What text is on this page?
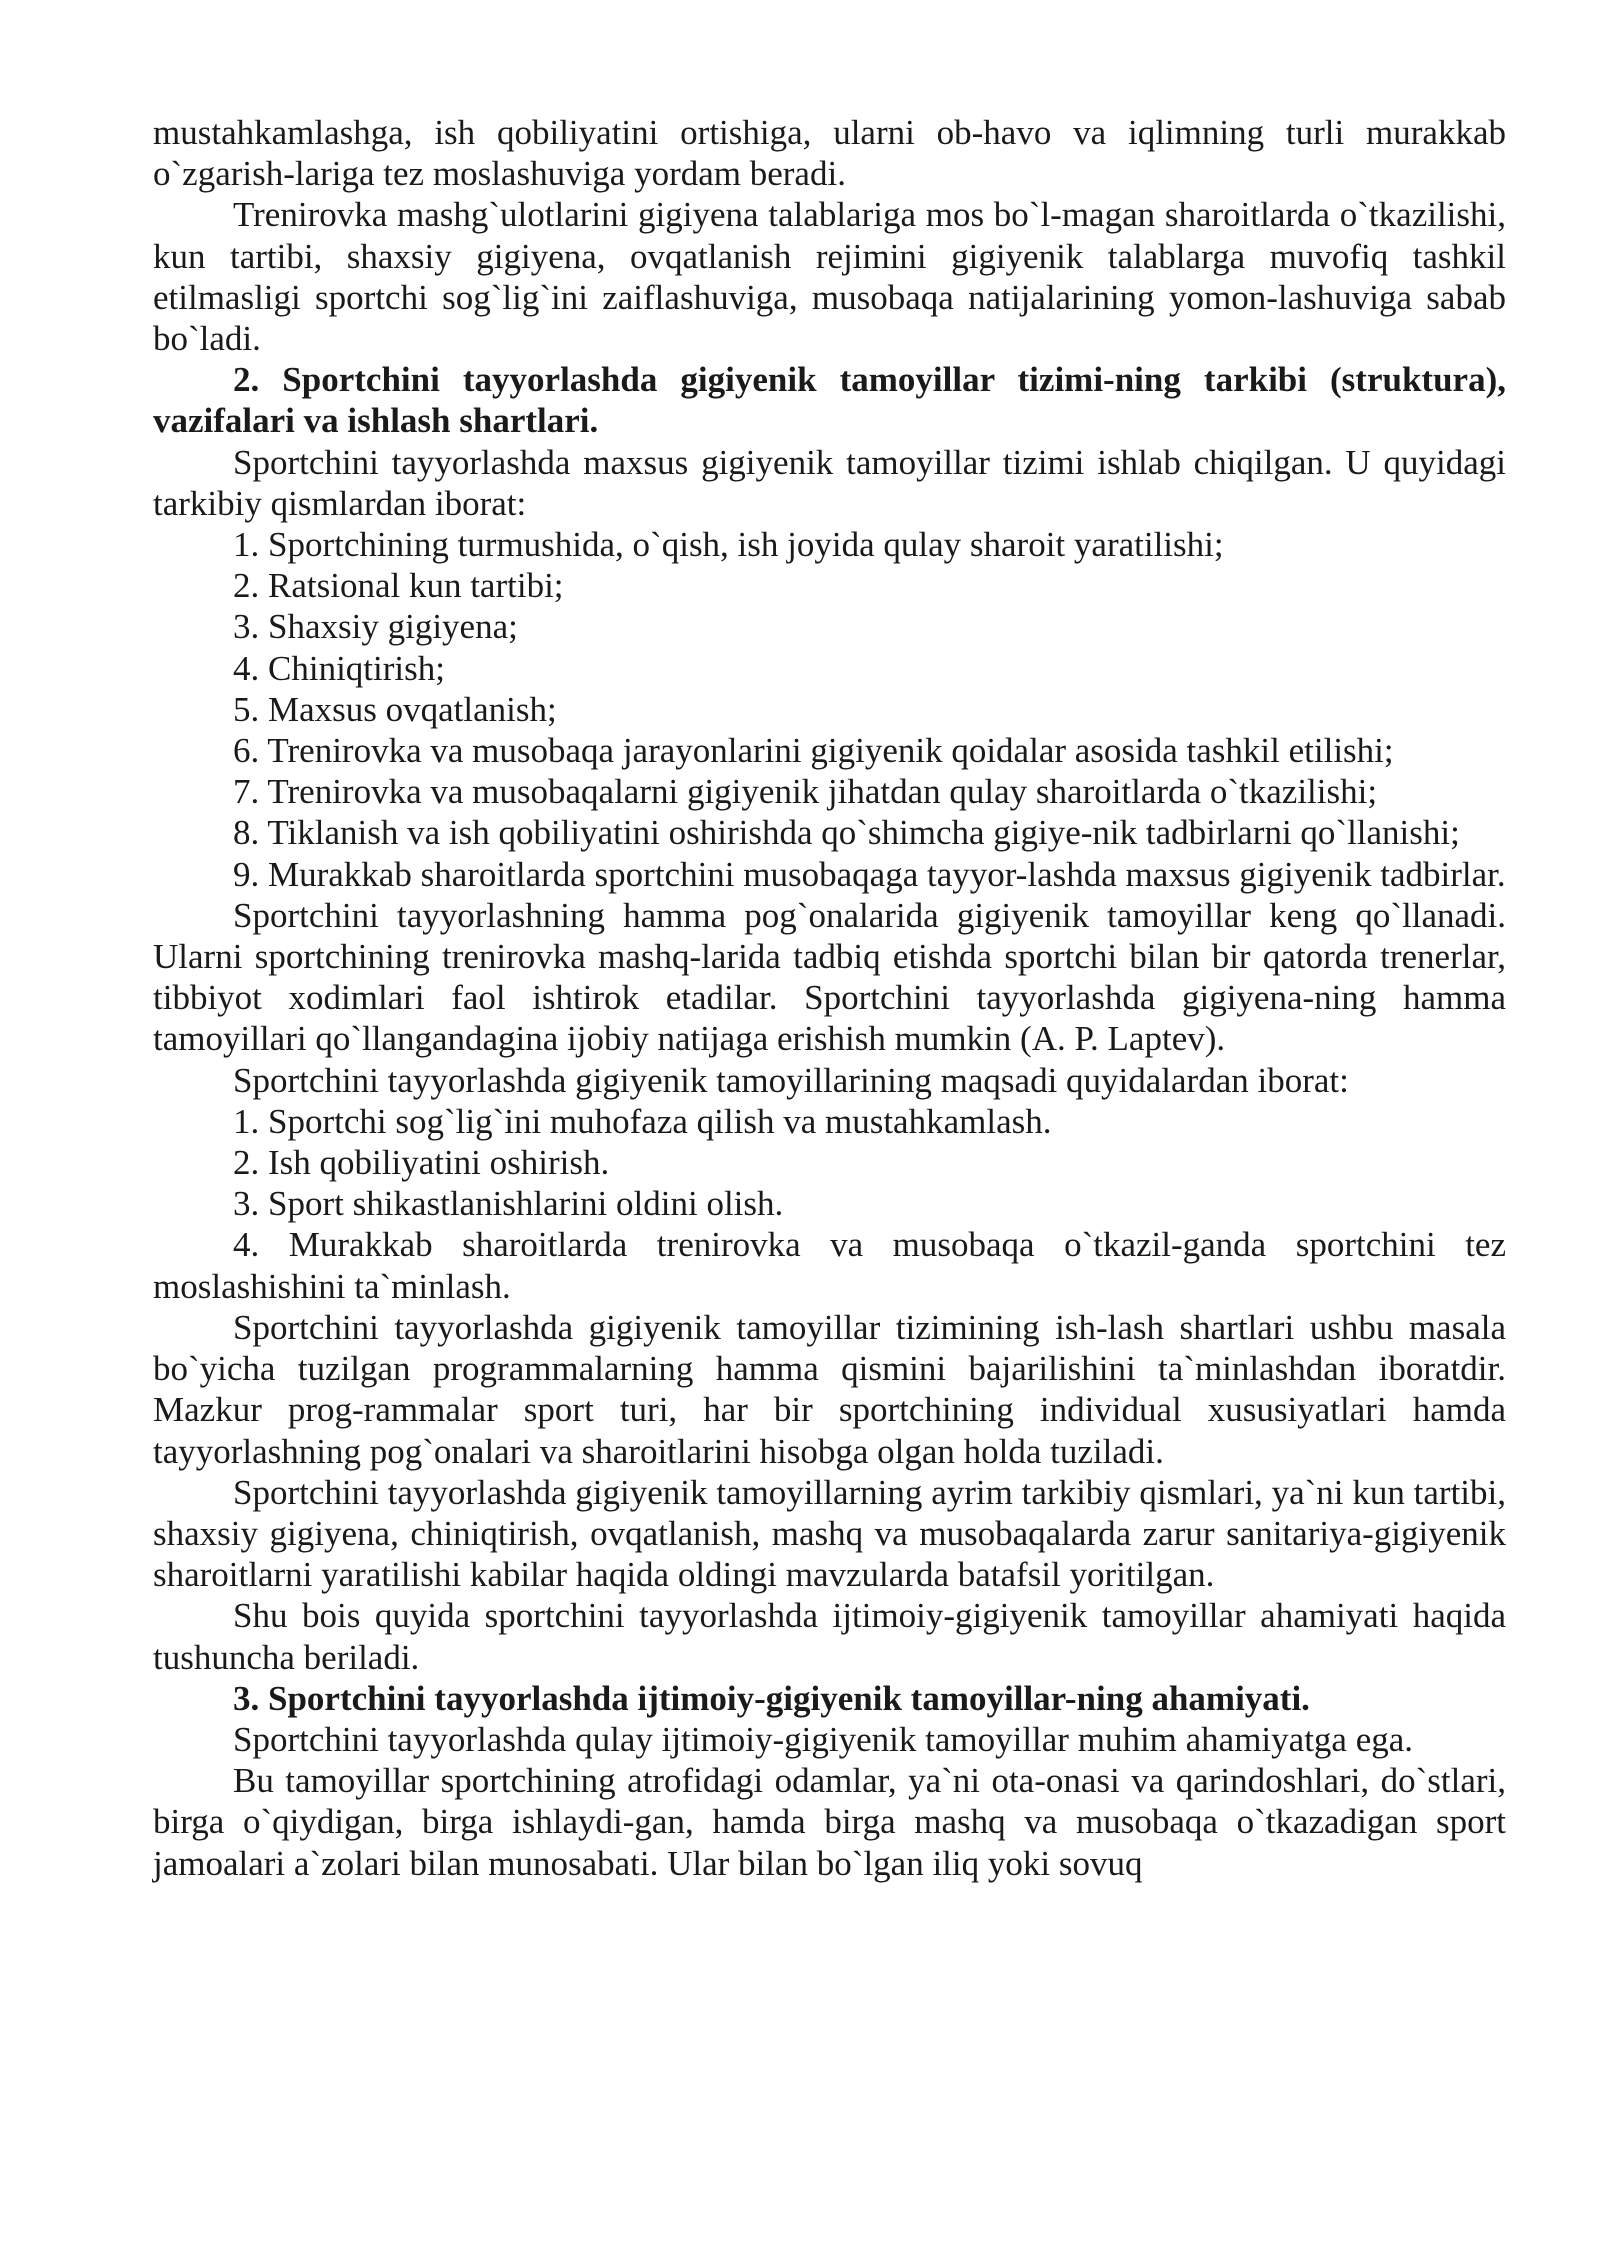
mustahkamlashga, ish qobiliyatini ortishiga, ularni ob-havo va iqlimning turli murakkab o`zgarish-lariga tez moslashuviga yordam beradi.

Trenirovka mashg`ulotlarini gigiyena talablariga mos bo`l-magan sharoitlarda o`tkazilishi, kun tartibi, shaxsiy gigiyena, ovqatlanish rejimini gigiyenik talablarga muvofiq tashkil etilmasligi sportchi sog`lig`ini zaiflashuviga, musobaqa natijalarining yomon-lashuviga sabab bo`ladi.

2. Sportchini tayyorlashda gigiyenik tamoyillar tizimi-ning tarkibi (struktura), vazifalari va ishlash shartlari.

Sportchini tayyorlashda maxsus gigiyenik tamoyillar tizimi ishlab chiqilgan. U quyidagi tarkibiy qismlardan iborat:

1. Sportchining turmushida, o`qish, ish joyida qulay sharoit yaratilishi;

2. Ratsional kun tartibi;

3. Shaxsiy gigiyena;

4. Chiniqtirish;

5. Maxsus ovqatlanish;

6. Trenirovka va musobaqa jarayonlarini gigiyenik qoidalar asosida tashkil etilishi;

7. Trenirovka va musobaqalarni gigiyenik jihatdan qulay sharoitlarda o`tkazilishi;

8. Tiklanish va ish qobiliyatini oshirishda qo`shimcha gigiye-nik tadbirlarni qo`llanishi;

9. Murakkab sharoitlarda sportchini musobaqaga tayyor-lashda maxsus gigiyenik tadbirlar.

Sportchini tayyorlashning hamma pog`onalarida gigiyenik tamoyillar keng qo`llanadi. Ularni sportchining trenirovka mashq-larida tadbiq etishda sportchi bilan bir qatorda trenerlar, tibbiyot xodimlari faol ishtirok etadilar. Sportchini tayyorlashda gigiyena-ning hamma tamoyillari qo`llangandagina ijobiy natijaga erishish mumkin (A. P. Laptev).

Sportchini tayyorlashda gigiyenik tamoyillarining maqsadi quyidalardan iborat:

1. Sportchi sog`lig`ini muhofaza qilish va mustahkamlash.

2. Ish qobiliyatini oshirish.

3. Sport shikastlanishlarini oldini olish.

4. Murakkab sharoitlarda trenirovka va musobaqa o`tkazil-ganda sportchini tez moslashishini ta`minlash.

Sportchini tayyorlashda gigiyenik tamoyillar tizimining ish-lash shartlari ushbu masala bo`yicha tuzilgan programmalarning hamma qismini bajarilishini ta`minlashdan iboratdir. Mazkur prog-rammalar sport turi, har bir sportchining individual xususiyatlari hamda tayyorlashning pog`onalari va sharoitlarini hisobga olgan holda tuziladi.

Sportchini tayyorlashda gigiyenik tamoyillarning ayrim tarkibiy qismlari, ya`ni kun tartibi, shaxsiy gigiyena, chiniqtirish, ovqatlanish, mashq va musobaqalarda zarur sanitariya-gigiyenik sharoitlarni yaratilishi kabilar haqida oldingi mavzularda batafsil yoritilgan.

Shu bois quyida sportchini tayyorlashda ijtimoiy-gigiyenik tamoyillar ahamiyati haqida tushuncha beriladi.

3. Sportchini tayyorlashda ijtimoiy-gigiyenik tamoyillar-ning ahamiyati.

Sportchini tayyorlashda qulay ijtimoiy-gigiyenik tamoyillar muhim ahamiyatga ega.

Bu tamoyillar sportchining atrofidagi odamlar, ya`ni ota-onasi va qarindoshlari, do`stlari, birga o`qiydigan, birga ishlaydi-gan, hamda birga mashq va musobaqa o`tkazadigan sport jamoalari a`zolari bilan munosabati. Ular bilan bo`lgan iliq yoki sovuq
